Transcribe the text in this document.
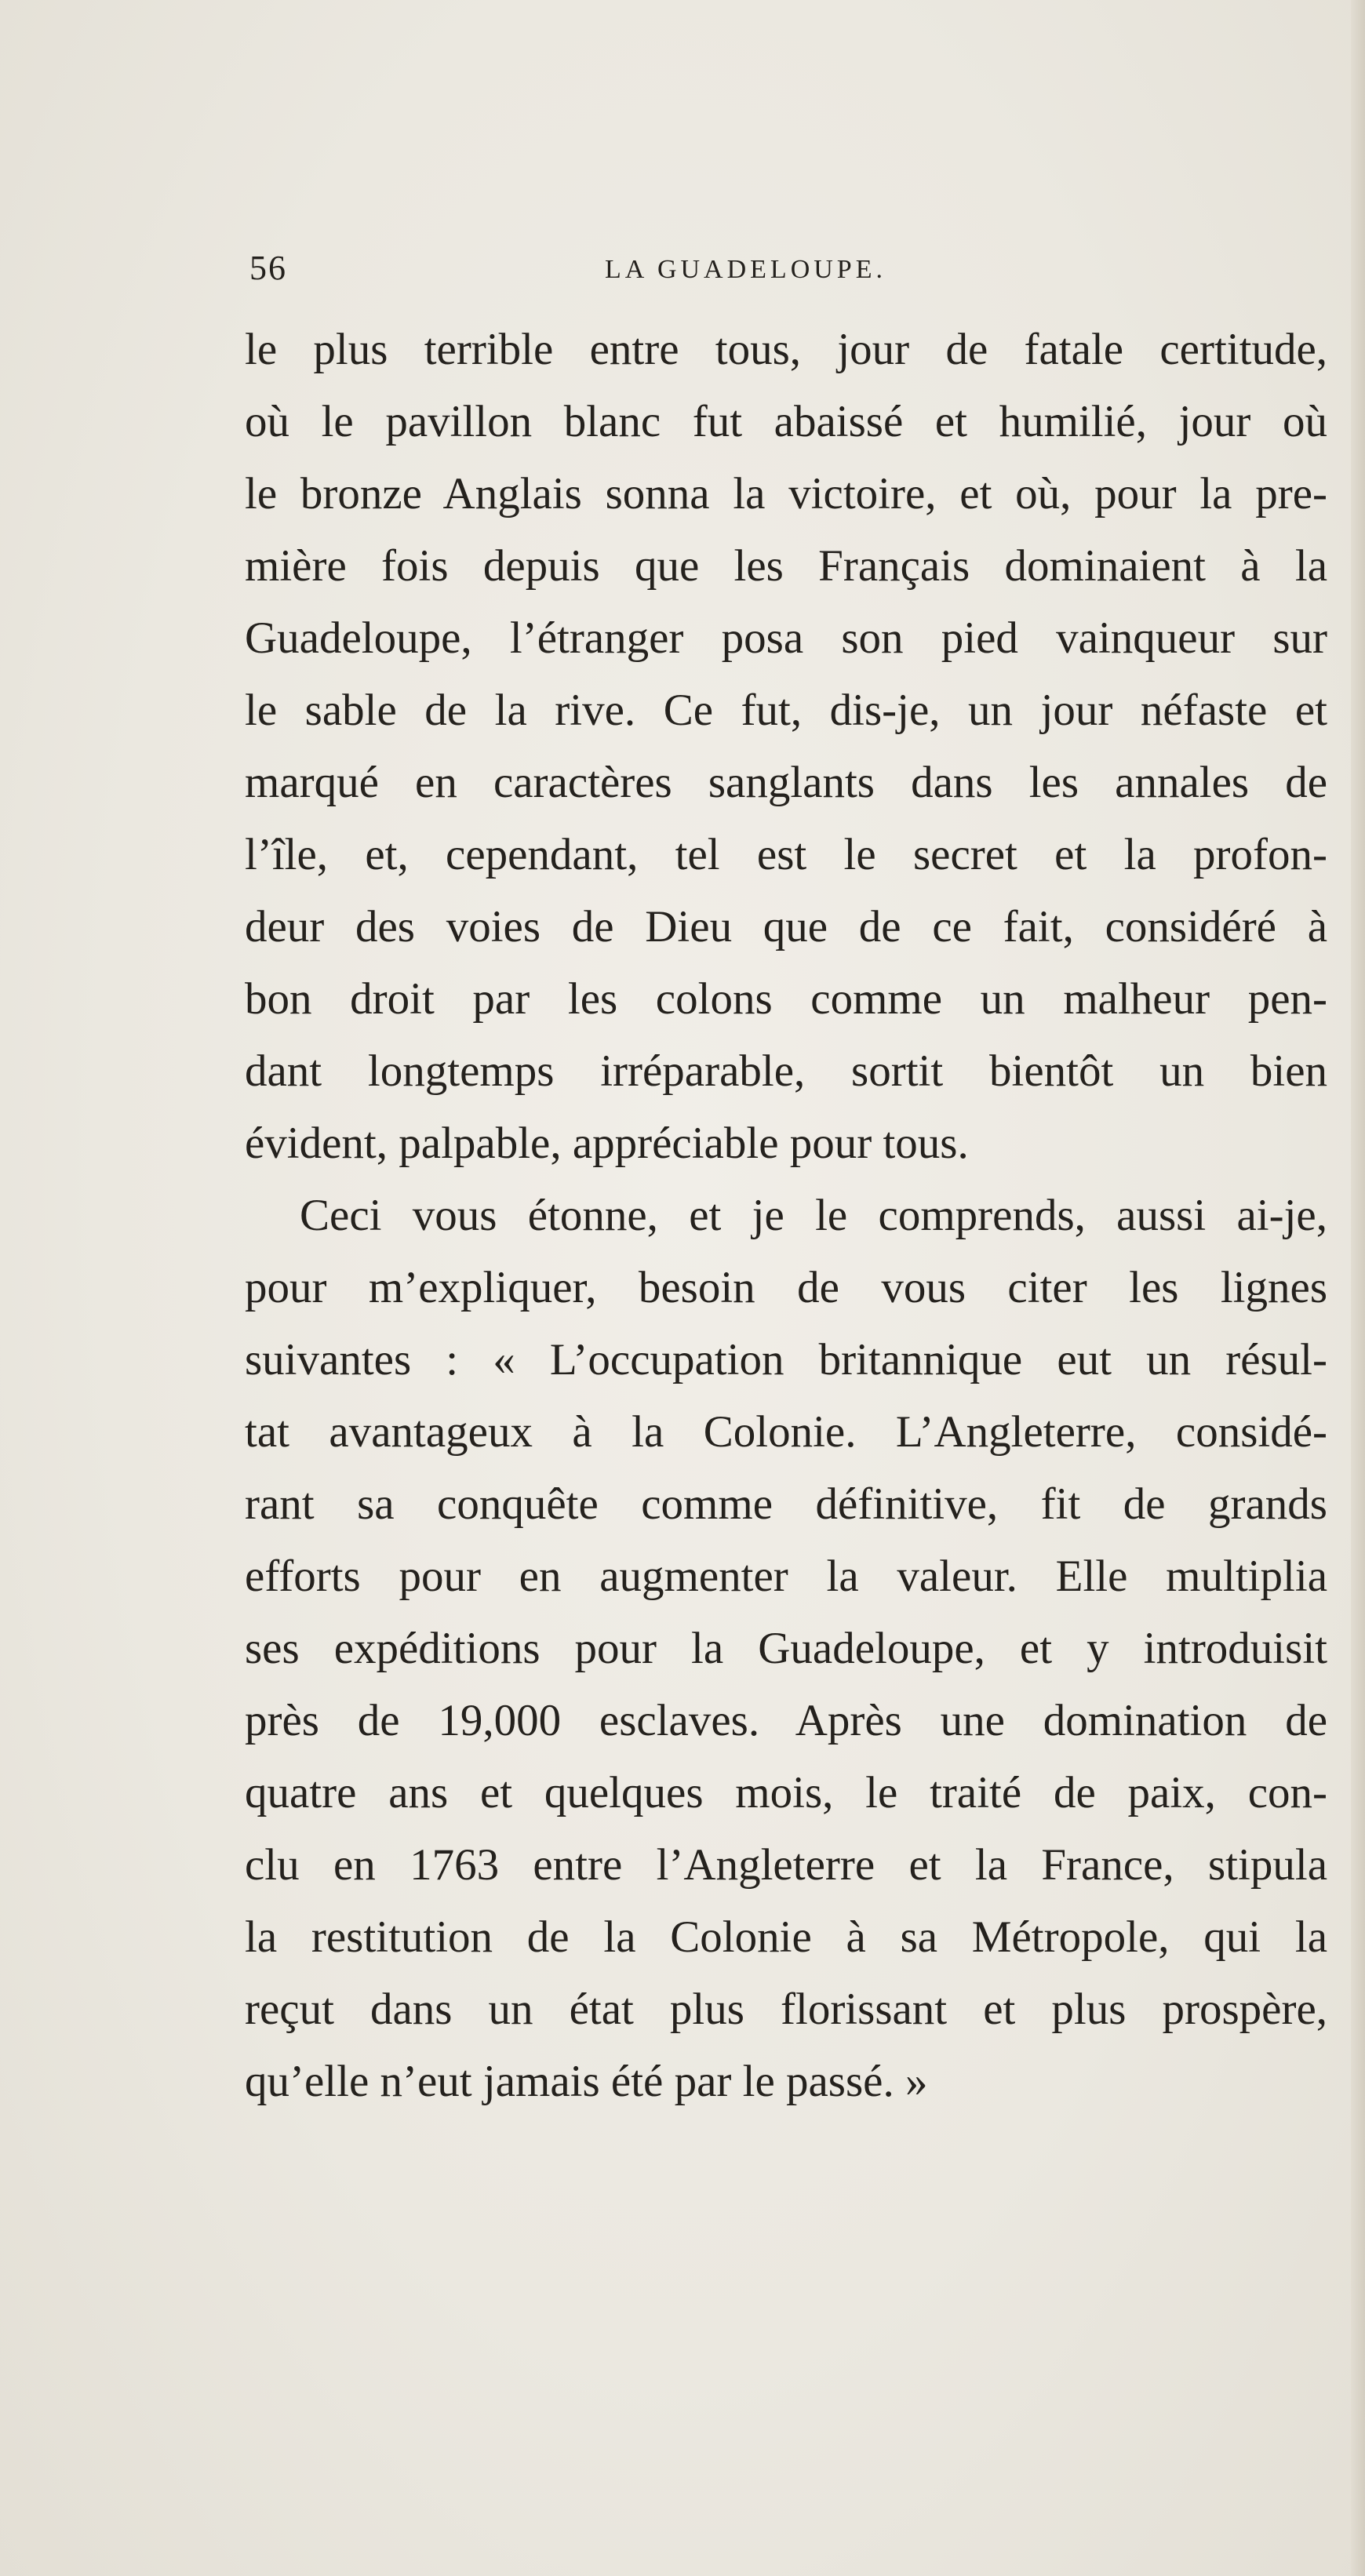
56	LA GUADELOUPE.
le plus terrible entre tous, jour de fatale certitude,
où le pavillon blanc fut abaissé et humilié, jour où
le bronze Anglais sonna la victoire, et où, pour la pre-
mière fois depuis que les Français dominaient à la
Guadeloupe, l’étranger posa son pied vainqueur sur
le sable de la rive. Ce fut, dis-je, un jour néfaste et
marqué en caractères sanglants dans les annales de
l’île, et, cependant, tel est le secret et la profon-
deur des voies de Dieu que de ce fait, considéré à
bon droit par les colons comme un malheur pen-
dant longtemps irréparable, sortit bientôt un bien
évident, palpable, appréciable pour tous.
Ceci vous étonne, et je le comprends, aussi ai-je,
pour m’expliquer, besoin de vous citer les lignes
suivantes : « L’occupation britannique eut un résul-
tat avantageux à la Colonie. L’Angleterre, considé-
rant sa conquête comme définitive, fit de grands
efforts pour en augmenter la valeur. Elle multiplia
ses expéditions pour la Guadeloupe, et y introduisit
près de 19,000 esclaves. Après une domination de
quatre ans et quelques mois, le traité de paix, con-
clu en 1763 entre l’Angleterre et la France, stipula
la restitution de la Colonie à sa Métropole, qui la
reçut dans un état plus florissant et plus prospère,
qu’elle n’eut jamais été par le passé. »
